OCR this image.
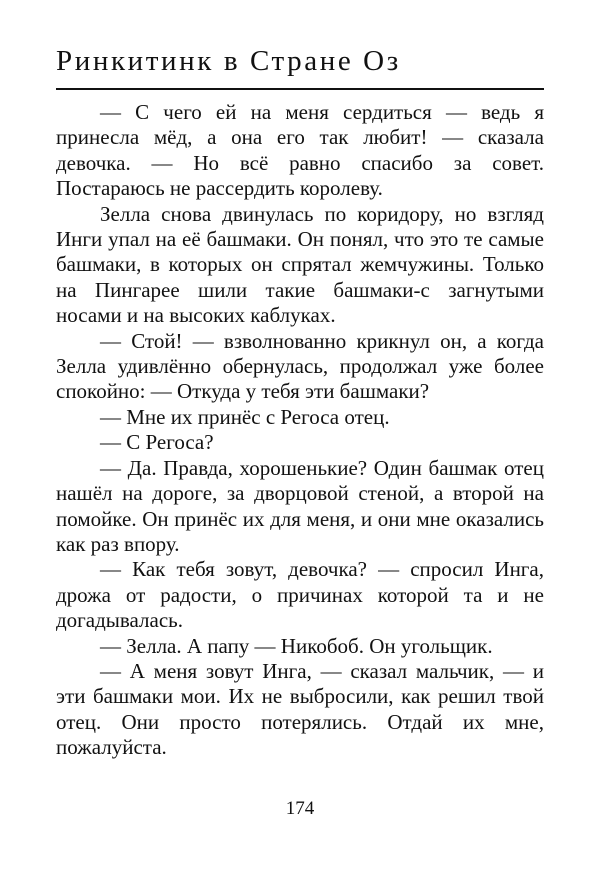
Ринкитинк в Стране Оз

— С чего ей на меня сердиться — ведь я принесла мёд, а она его так любит! — сказала девочка. — Но всё равно спасибо за совет. Постараюсь не рассердить королеву.

Зелла снова двинулась по коридору, но взгляд Инги упал на её башмаки. Он понял, что это те самые башмаки, в которых он спрятал жемчужины. Только на Пингарее шили такие башмаки-с загнутыми носами и на высоких каблуках.

— Стой! — взволнованно крикнул он, а когда Зелла удивлённо обернулась, продолжал уже более спокойно: — Откуда у тебя эти башмаки?

— Мне их принёс с Регоса отец.

— С Регоса?

— Да. Правда, хорошенькие? Один башмак отец нашёл на дороге, за дворцовой стеной, а второй на помойке. Он принёс их для меня, и они мне оказались как раз впору.

— Как тебя зовут, девочка? — спросил Инга, дрожа от радости, о причинах которой та и не догадывалась.

— Зелла. А папу — Никобоб. Он угольщик.

— А меня зовут Инга, — сказал мальчик, — и эти башмаки мои. Их не выбросили, как решил твой отец. Они просто потерялись. Отдай их мне, пожалуйста.

174
